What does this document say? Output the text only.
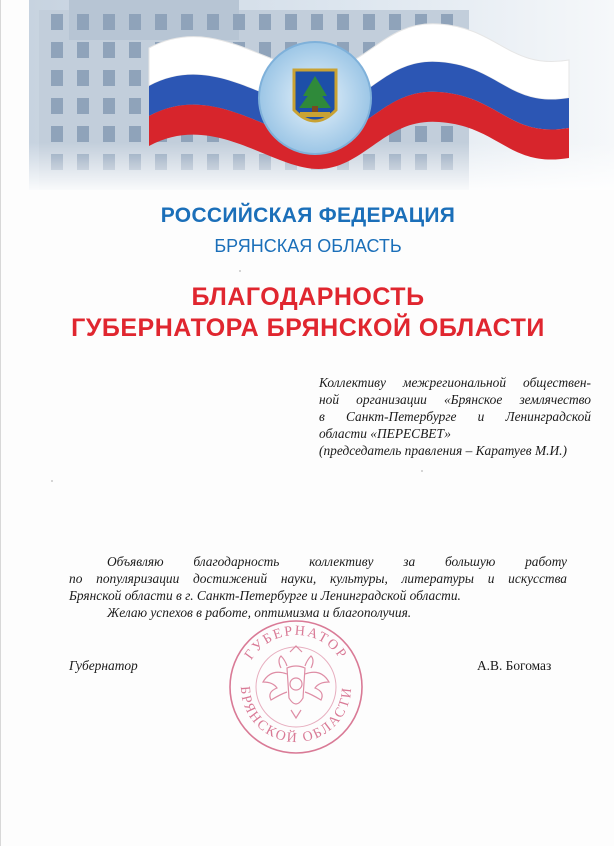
РОССИЙСКАЯ ФЕДЕРАЦИЯ
БРЯНСКАЯ ОБЛАСТЬ
БЛАГОДАРНОСТЬ
ГУБЕРНАТОРА БРЯНСКОЙ ОБЛАСТИ
Коллективу межрегиональной обществен-
ной организации «Брянское землячество
в Санкт-Петербурге и Ленинградской
области «ПЕРЕСВЕТ»
(председатель правления – Каратуев М.И.)
Объявляю благодарность коллективу за большую работу
по популяризации достижений науки, культуры, литературы и искусства
Брянской области в г. Санкт-Петербурге и Ленинградской области.
Желаю успехов в работе, оптимизма и благополучия.
ГУБЕРНАТОР
БРЯНСКОЙ ОБЛАСТИ
Губернатор	А.В. Богомаз
